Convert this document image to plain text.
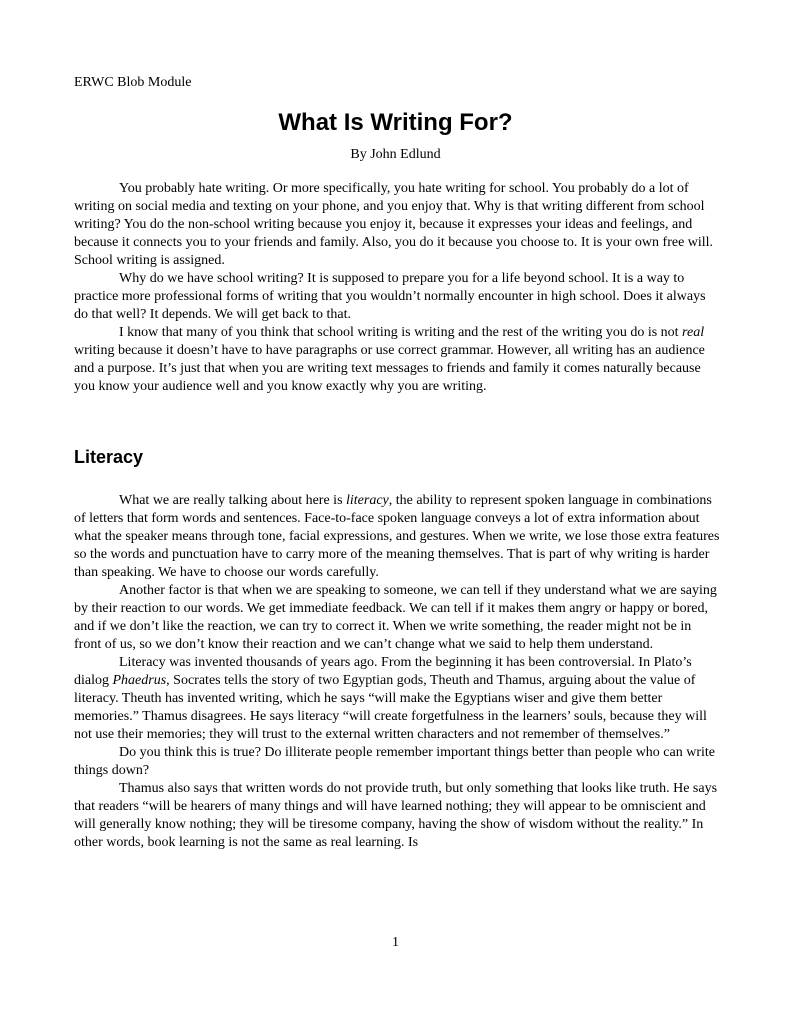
ERWC Blob Module
What Is Writing For?
By John Edlund

You probably hate writing. Or more specifically, you hate writing for school. You probably do a lot of writing on social media and texting on your phone, and you enjoy that. Why is that writing different from school writing? You do the non-school writing because you enjoy it, because it expresses your ideas and feelings, and because it connects you to your friends and family. Also, you do it because you choose to. It is your own free will. School writing is assigned.

Why do we have school writing? It is supposed to prepare you for a life beyond school. It is a way to practice more professional forms of writing that you wouldn’t normally encounter in high school. Does it always do that well? It depends. We will get back to that.

I know that many of you think that school writing is writing and the rest of the writing you do is not real writing because it doesn’t have to have paragraphs or use correct grammar. However, all writing has an audience and a purpose. It’s just that when you are writing text messages to friends and family it comes naturally because you know your audience well and you know exactly why you are writing.

Literacy

What we are really talking about here is literacy, the ability to represent spoken language in combinations of letters that form words and sentences. Face-to-face spoken language conveys a lot of extra information about what the speaker means through tone, facial expressions, and gestures. When we write, we lose those extra features so the words and punctuation have to carry more of the meaning themselves. That is part of why writing is harder than speaking. We have to choose our words carefully.

Another factor is that when we are speaking to someone, we can tell if they understand what we are saying by their reaction to our words. We get immediate feedback. We can tell if it makes them angry or happy or bored, and if we don’t like the reaction, we can try to correct it. When we write something, the reader might not be in front of us, so we don’t know their reaction and we can’t change what we said to help them understand.

Literacy was invented thousands of years ago. From the beginning it has been controversial. In Plato’s dialog Phaedrus, Socrates tells the story of two Egyptian gods, Theuth and Thamus, arguing about the value of literacy. Theuth has invented writing, which he says “will make the Egyptians wiser and give them better memories.” Thamus disagrees. He says literacy “will create forgetfulness in the learners’ souls, because they will not use their memories; they will trust to the external written characters and not remember of themselves.”

Do you think this is true? Do illiterate people remember important things better than people who can write things down?

Thamus also says that written words do not provide truth, but only something that looks like truth. He says that readers “will be hearers of many things and will have learned nothing; they will appear to be omniscient and will generally know nothing; they will be tiresome company, having the show of wisdom without the reality.” In other words, book learning is not the same as real learning. Is

1
